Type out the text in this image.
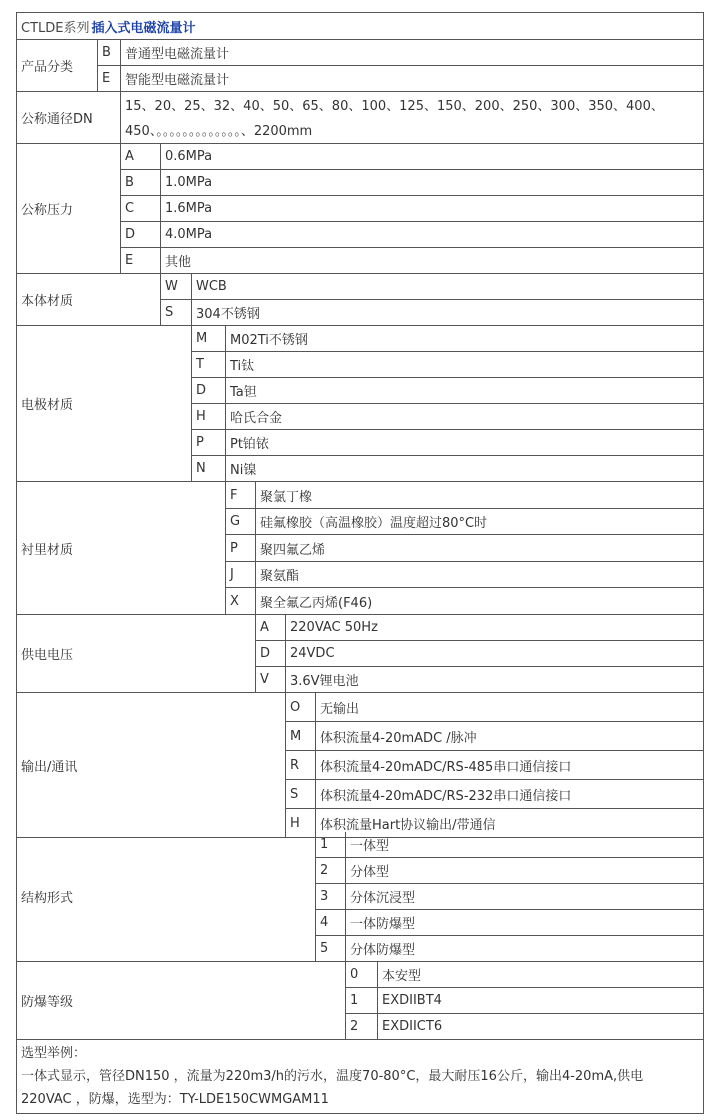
CTLDE系列 插入式电磁流量计
产品分类
B	普通型电磁流量计
E	智能型电磁流量计
公称通径DN
15、20、25、32、40、50、65、80、100、125、150、200、250、300、350、400、
450、。。。。。。。。。。。。。、2200mm
公称压力
A	0.6MPa
B	1.0MPa
C	1.6MPa
D	4.0MPa
E	其他
本体材质
W	WCB
S	304不锈钢
电极材质
M	M02Ti不锈钢
T	Ti钛
D	Ta钽
H	哈氏合金
P	Pt铂铱
N	Ni镍
衬里材质
F	聚氯丁橡
G	硅氟橡胶（高温橡胶）温度超过80°C时
P	聚四氟乙烯
J	聚氨酯
X	聚全氟乙丙烯(F46)
供电电压
A	220VAC 50Hz
D	24VDC
V	3.6V锂电池
输出/通讯
O	无输出
M	体积流量4-20mADC /脉冲
R	体积流量4-20mADC/RS-485串口通信接口
S	体积流量4-20mADC/RS-232串口通信接口
H	体积流量Hart协议输出/带通信
结构形式
1	一体型
2	分体型
3	分体沉浸型
4	一体防爆型
5	分体防爆型
防爆等级
0	本安型
1	EXDIIBT4
2	EXDIICT6
选型举例：
一体式显示，管径DN150 ，流量为220m3/h的污水，温度70-80°C，最大耐压16公斤，输出4-20mA,供电
220VAC ，防爆，选型为：TY-LDE150CWMGAM11
